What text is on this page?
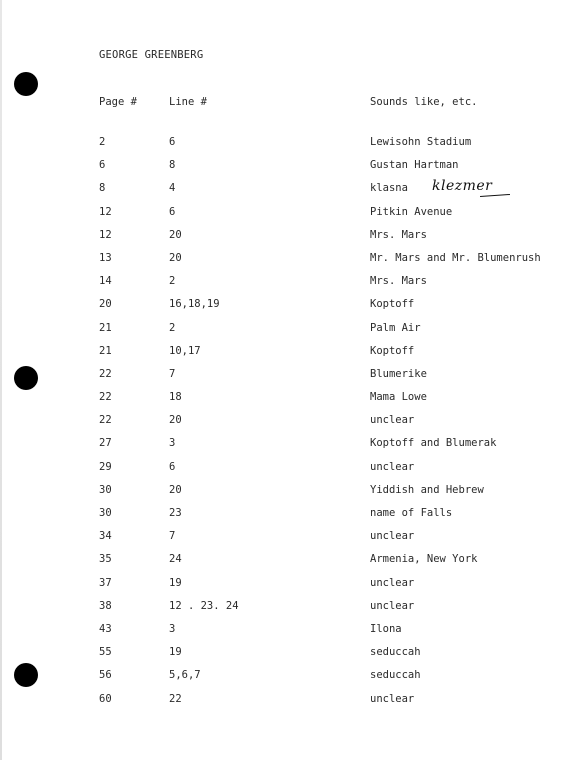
GEORGE GREENBERG
Page #	Line #	Sounds like, etc.
2	6	Lewisohn Stadium
6	8	Gustan Hartman
8	4	klasna
12	6	Pitkin Avenue
12	20	Mrs. Mars
13	20	Mr. Mars and Mr. Blumenrush
14	2	Mrs. Mars
20	16,18,19	Koptoff
21	2	Palm Air
21	10,17	Koptoff
22	7	Blumerike
22	18	Mama Lowe
22	20	unclear
27	3	Koptoff and Blumerak
29	6	unclear
30	20	Yiddish and Hebrew
30	23	name of Falls
34	7	unclear
35	24	Armenia, New York
37	19	unclear
38	12 . 23. 24	unclear
43	3	Ilona
55	19	seduccah
56	5,6,7	seduccah
60	22	unclear
klezmer
